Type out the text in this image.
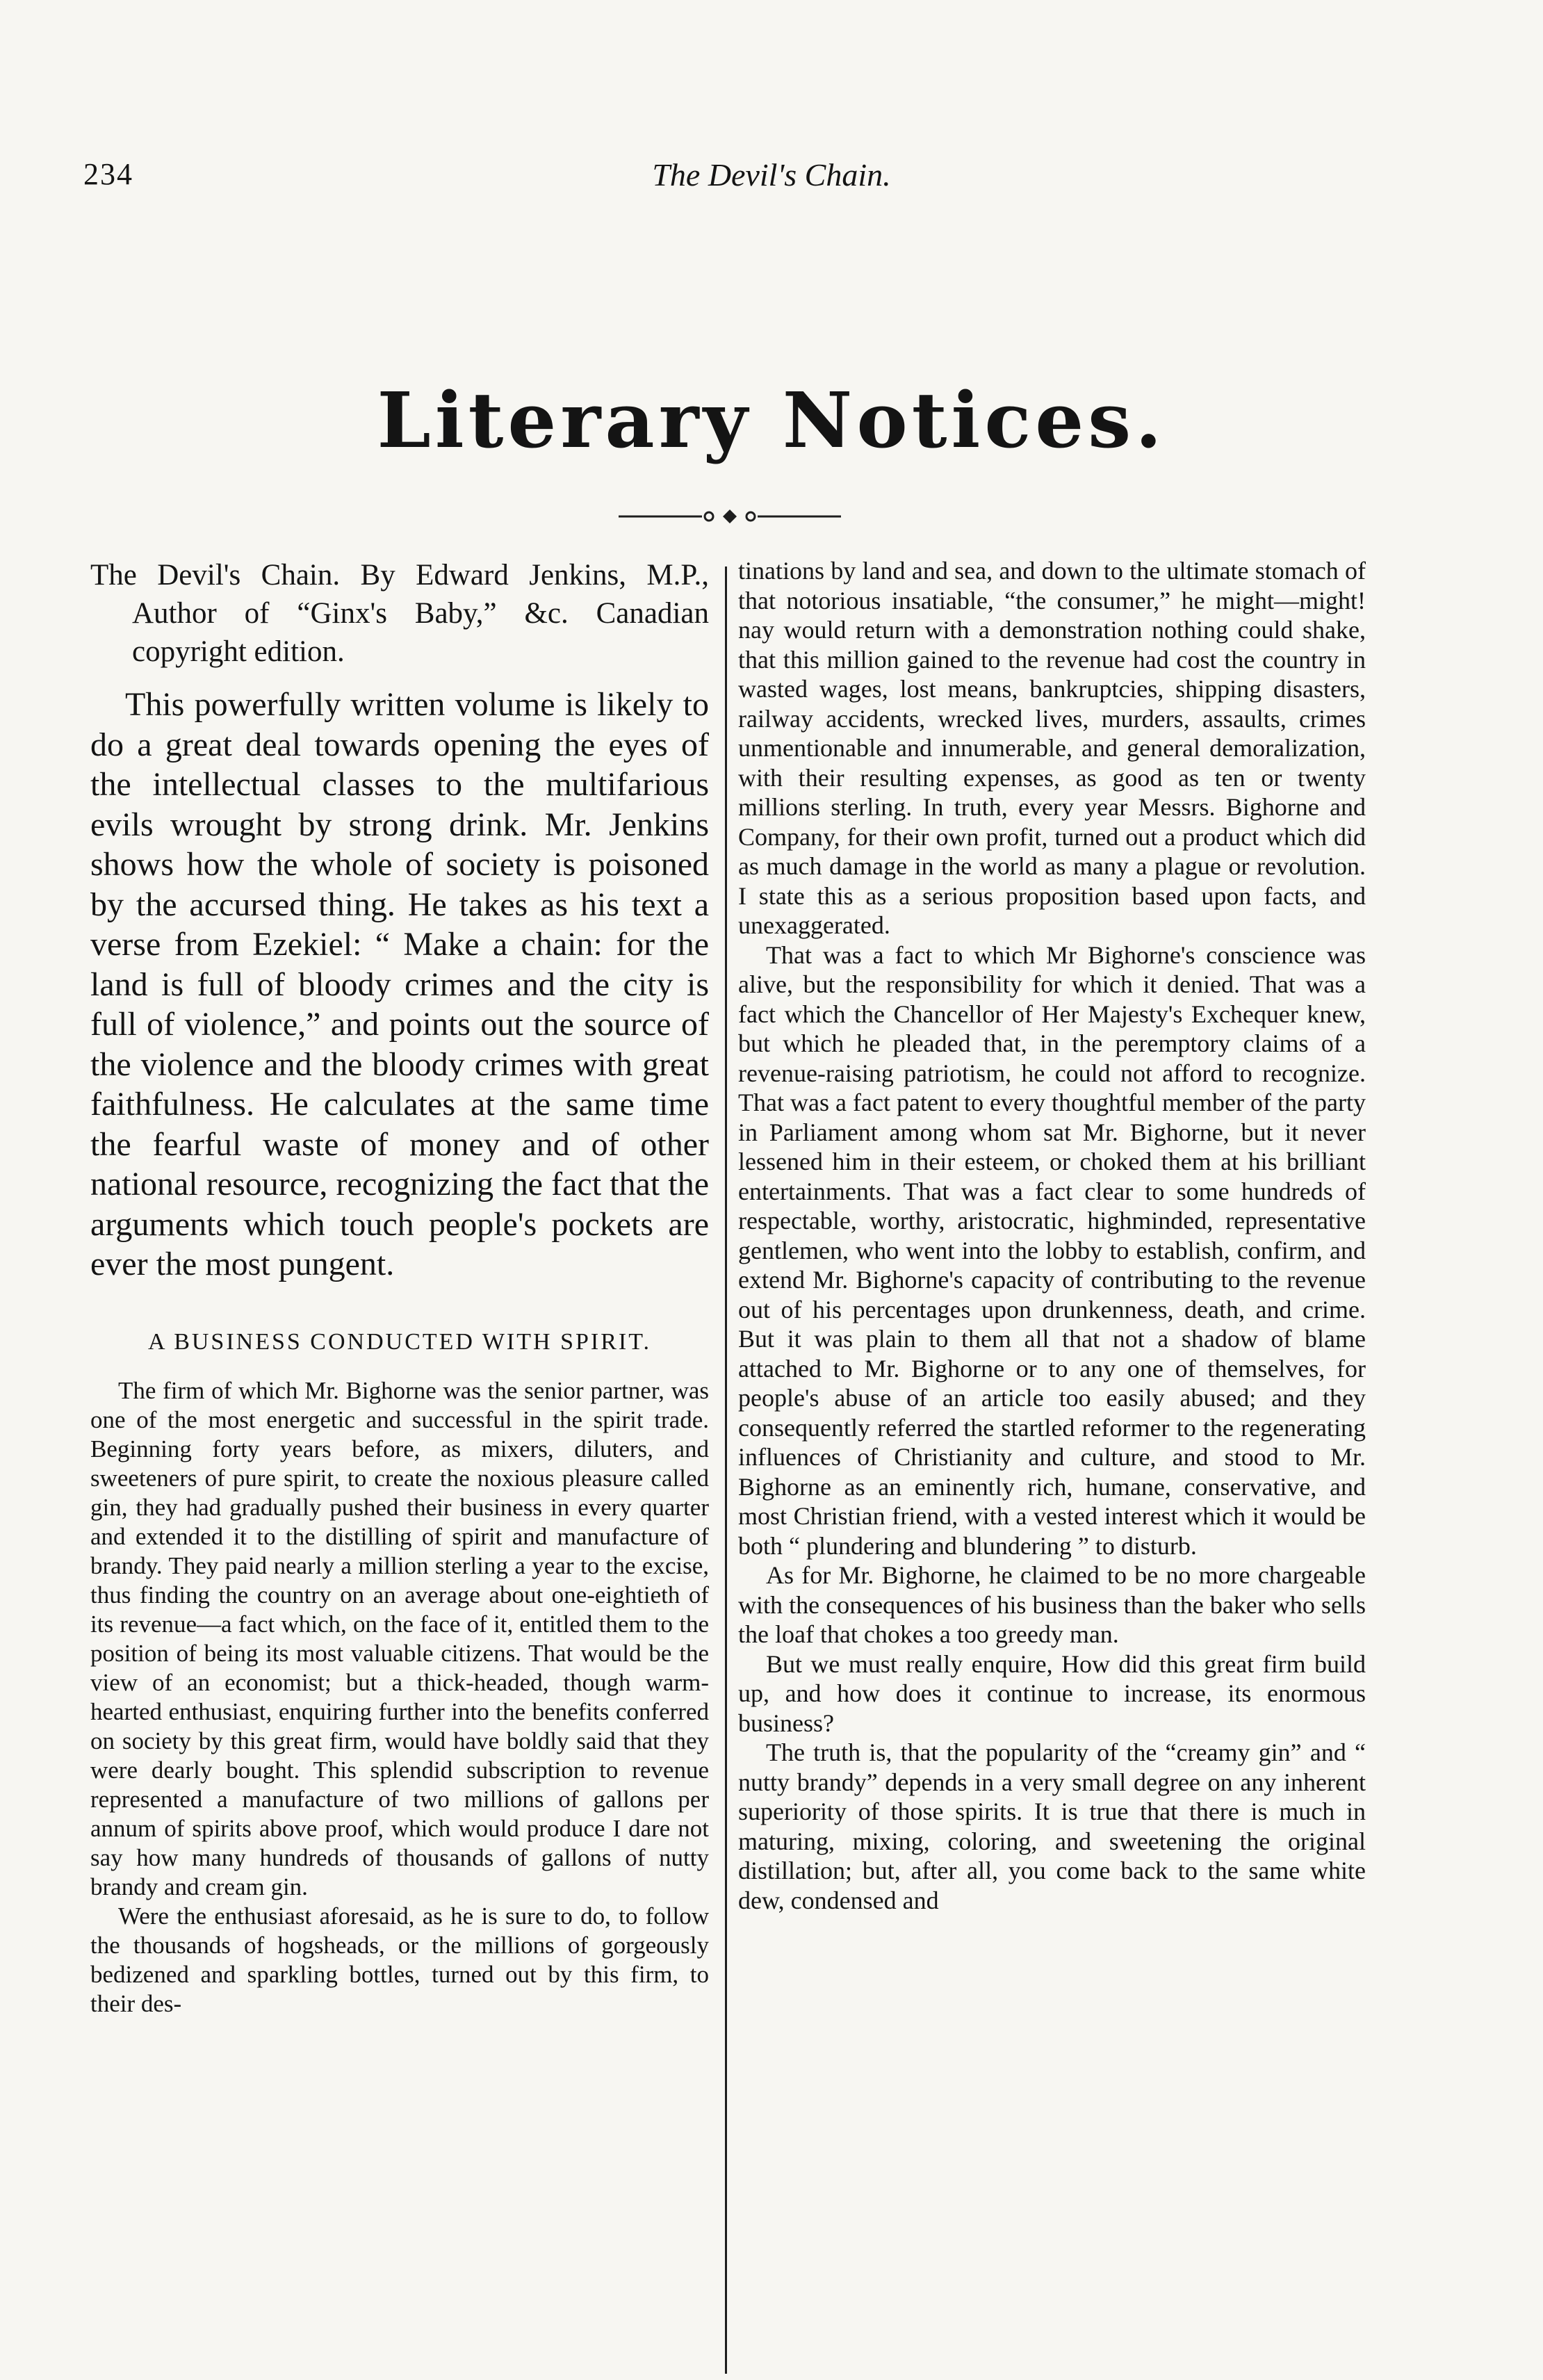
234	The Devil's Chain.
Literary Notices.

The Devil's Chain. By Edward Jenkins, M.P., Author of “Ginx's Baby,” &c. Canadian copyright edition.

This powerfully written volume is likely to do a great deal towards opening the eyes of the intellectual classes to the multifarious evils wrought by strong drink. Mr. Jenkins shows how the whole of society is poisoned by the accursed thing. He takes as his text a verse from Ezekiel: “ Make a chain: for the land is full of bloody crimes and the city is full of violence,” and points out the source of the violence and the bloody crimes with great faithfulness. He calculates at the same time the fearful waste of money and of other national resource, recognizing the fact that the arguments which touch people's pockets are ever the most pungent.

A BUSINESS CONDUCTED WITH SPIRIT.

The firm of which Mr. Bighorne was the senior partner, was one of the most energetic and successful in the spirit trade. Beginning forty years before, as mixers, diluters, and sweeteners of pure spirit, to create the noxious pleasure called gin, they had gradually pushed their business in every quarter and extended it to the distilling of spirit and manufacture of brandy. They paid nearly a million sterling a year to the excise, thus finding the country on an average about one-eightieth of its revenue—a fact which, on the face of it, entitled them to the position of being its most valuable citizens. That would be the view of an economist; but a thick-headed, though warm-hearted enthusiast, enquiring further into the benefits conferred on society by this great firm, would have boldly said that they were dearly bought. This splendid subscription to revenue represented a manufacture of two millions of gallons per annum of spirits above proof, which would produce I dare not say how many hundreds of thousands of gallons of nutty brandy and cream gin.

Were the enthusiast aforesaid, as he is sure to do, to follow the thousands of hogsheads, or the millions of gorgeously bedizened and sparkling bottles, turned out by this firm, to their des-

tinations by land and sea, and down to the ultimate stomach of that notorious insatiable, “the consumer,” he might—might! nay would return with a demonstration nothing could shake, that this million gained to the revenue had cost the country in wasted wages, lost means, bankruptcies, shipping disasters, railway accidents, wrecked lives, murders, assaults, crimes unmentionable and innumerable, and general demoralization, with their resulting expenses, as good as ten or twenty millions sterling. In truth, every year Messrs. Bighorne and Company, for their own profit, turned out a product which did as much damage in the world as many a plague or revolution. I state this as a serious proposition based upon facts, and unexaggerated.

That was a fact to which Mr Bighorne's conscience was alive, but the responsibility for which it denied. That was a fact which the Chancellor of Her Majesty's Exchequer knew, but which he pleaded that, in the peremptory claims of a revenue-raising patriotism, he could not afford to recognize. That was a fact patent to every thoughtful member of the party in Parliament among whom sat Mr. Bighorne, but it never lessened him in their esteem, or choked them at his brilliant entertainments. That was a fact clear to some hundreds of respectable, worthy, aristocratic, highminded, representative gentlemen, who went into the lobby to establish, confirm, and extend Mr. Bighorne's capacity of contributing to the revenue out of his percentages upon drunkenness, death, and crime. But it was plain to them all that not a shadow of blame attached to Mr. Bighorne or to any one of themselves, for people's abuse of an article too easily abused; and they consequently referred the startled reformer to the regenerating influences of Christianity and culture, and stood to Mr. Bighorne as an eminently rich, humane, conservative, and most Christian friend, with a vested interest which it would be both “ plundering and blundering ” to disturb.

As for Mr. Bighorne, he claimed to be no more chargeable with the consequences of his business than the baker who sells the loaf that chokes a too greedy man.

But we must really enquire, How did this great firm build up, and how does it continue to increase, its enormous business?

The truth is, that the popularity of the “creamy gin” and “ nutty brandy” depends in a very small degree on any inherent superiority of those spirits. It is true that there is much in maturing, mixing, coloring, and sweetening the original distillation; but, after all, you come back to the same white dew, condensed and
